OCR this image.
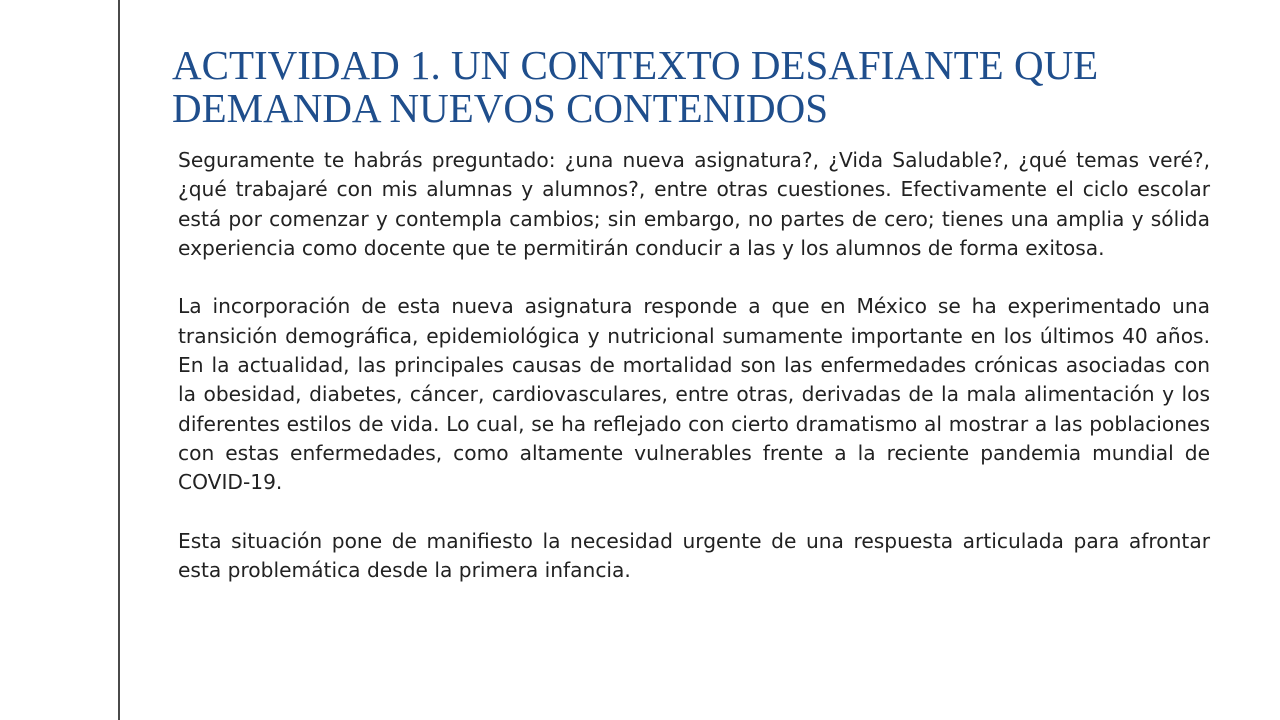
ACTIVIDAD 1. UN CONTEXTO DESAFIANTE QUE
DEMANDA NUEVOS CONTENIDOS

Seguramente te habrás preguntado: ¿una nueva asignatura?, ¿Vida Saludable?, ¿qué temas veré?, ¿qué trabajaré con mis alumnas y alumnos?, entre otras cuestiones. Efectivamente el ciclo escolar está por comenzar y contempla cambios; sin embargo, no partes de cero; tienes una amplia y sólida experiencia como docente que te permitirán conducir a las y los alumnos de forma exitosa.

La incorporación de esta nueva asignatura responde a que en México se ha experimentado una transición demográfica, epidemiológica y nutricional sumamente importante en los últimos 40 años. En la actualidad, las principales causas de mortalidad son las enfermedades crónicas asociadas con la obesidad, diabetes, cáncer, cardiovasculares, entre otras, derivadas de la mala alimentación y los diferentes estilos de vida. Lo cual, se ha reflejado con cierto dramatismo al mostrar a las poblaciones con estas enfermedades, como altamente vulnerables frente a la reciente pandemia mundial de COVID-19.

Esta situación pone de manifiesto la necesidad urgente de una respuesta articulada para afrontar esta problemática desde la primera infancia.
